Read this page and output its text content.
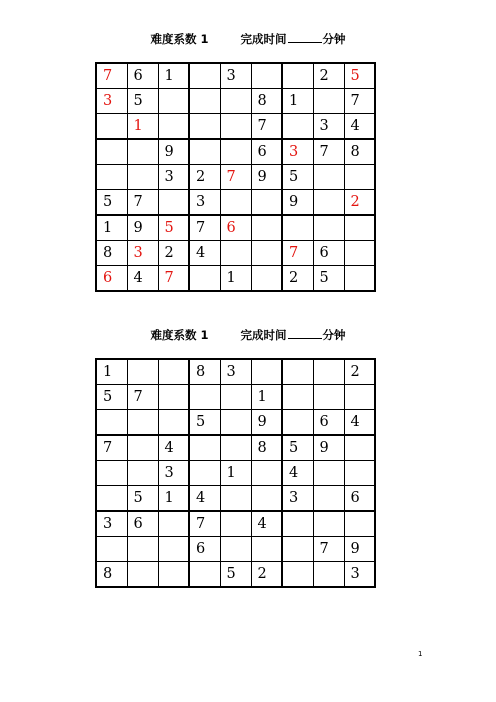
难度系数 1        完成时间	分钟
7	6	1		3			2	5
3	5				8	1		7
	1				7		3	4
		9			6	3	7	8
		3	2	7	9	5		
5	7		3			9		2
1	9	5	7	6				
8	3	2	4			7	6	
6	4	7		1		2	5	
难度系数 1        完成时间	分钟
1			8	3				2
5	7				1			
			5		9		6	4
7		4			8	5	9	
		3		1		4		
	5	1	4			3		6
3	6		7		4			
			6				7	9
8				5	2			3
1
